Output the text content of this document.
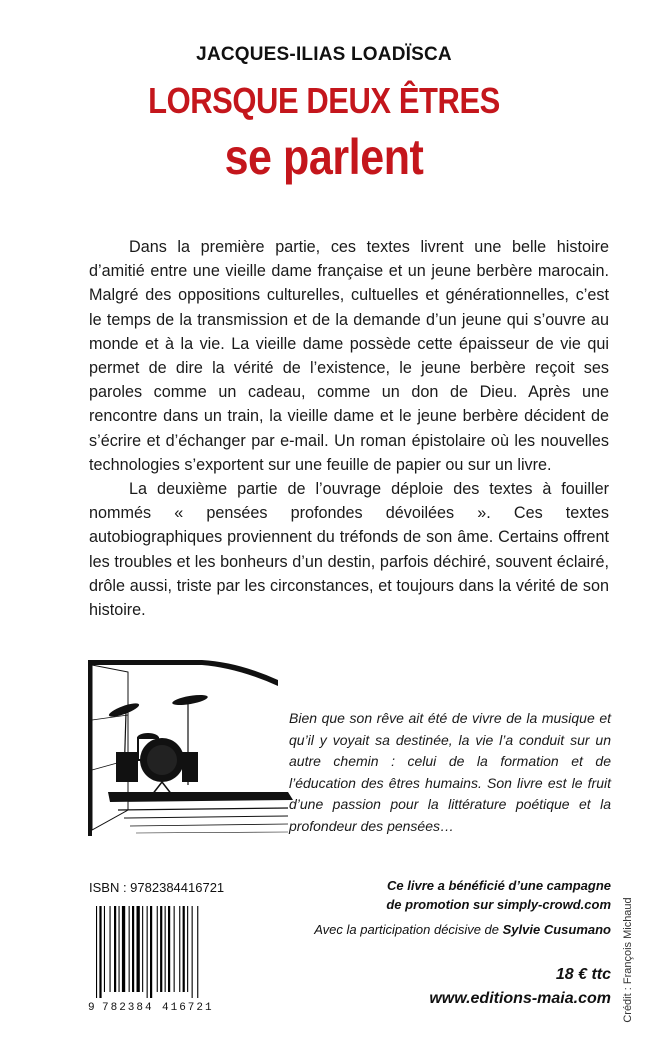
JACQUES-ILIAS LOADÏSCA
LORSQUE DEUX ÊTRES
se parlent

Dans la première partie, ces textes livrent une belle histoire d’amitié entre une vieille dame française et un jeune berbère marocain. Malgré des oppositions culturelles, cultuelles et générationnelles, c’est le temps de la transmission et de la demande d’un jeune qui s’ouvre au monde et à la vie. La vieille dame possède cette épaisseur de vie qui permet de dire la vérité de l’existence, le jeune berbère reçoit ses paroles comme un cadeau, comme un don de Dieu. Après une rencontre dans un train, la vieille dame et le jeune berbère décident de s’écrire et d’échanger par e-mail. Un roman épistolaire où les nouvelles technologies s’exportent sur une feuille de papier ou sur un livre.

La deuxième partie de l’ouvrage déploie des textes à fouiller nommés « pensées profondes dévoilées ». Ces textes autobiographiques proviennent du tréfonds de son âme. Certains offrent les troubles et les bonheurs d’un destin, parfois déchiré, souvent éclairé, drôle aussi, triste par les circonstances, et toujours dans la vérité de son histoire.

Bien que son rêve ait été de vivre de la musique et qu’il y voyait sa destinée, la vie l’a conduit sur un autre chemin : celui de la formation et de l’éducation des êtres humains. Son livre est le fruit d’une passion pour la littérature poétique et la profondeur des pensées…
ISBN : 9782384416721
9 782384 416721
Ce livre a bénéficié d’une campagne
de promotion sur simply-crowd.com
Avec la participation décisive de Sylvie Cusumano
18 € ttc
www.editions-maia.com Crédit : François Michaud
